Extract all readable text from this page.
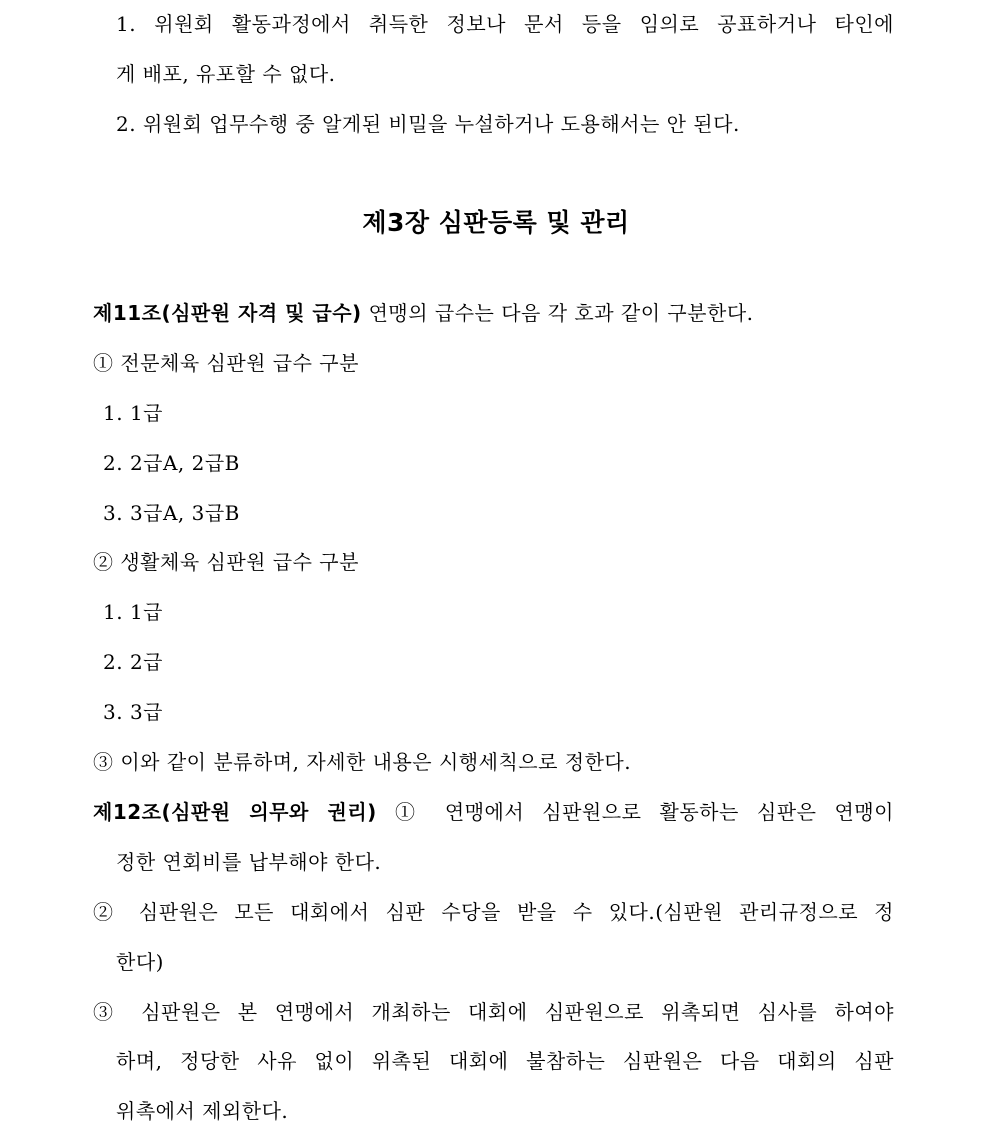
1. 위원회 활동과정에서 취득한 정보나 문서 등을 임의로 공표하거나 타인에
게 배포, 유포할 수 없다.
2. 위원회 업무수행 중 알게된 비밀을 누설하거나 도용해서는 안 된다.
제3장 심판등록 및 관리
제11조(심판원 자격 및 급수) 연맹의 급수는 다음 각 호과 같이 구분한다.
① 전문체육 심판원 급수 구분
1. 1급
2. 2급A, 2급B
3. 3급A, 3급B
② 생활체육 심판원 급수 구분
1. 1급
2. 2급
3. 3급
③ 이와 같이 분류하며, 자세한 내용은 시행세칙으로 정한다.
제12조(심판원 의무와 권리) ① 연맹에서 심판원으로 활동하는 심판은 연맹이
정한 연회비를 납부해야 한다.
② 심판원은 모든 대회에서 심판 수당을 받을 수 있다.(심판원 관리규정으로 정
한다)
③ 심판원은 본 연맹에서 개최하는 대회에 심판원으로 위촉되면 심사를 하여야
하며, 정당한 사유 없이 위촉된 대회에 불참하는 심판원은 다음 대회의 심판
위촉에서 제외한다.
